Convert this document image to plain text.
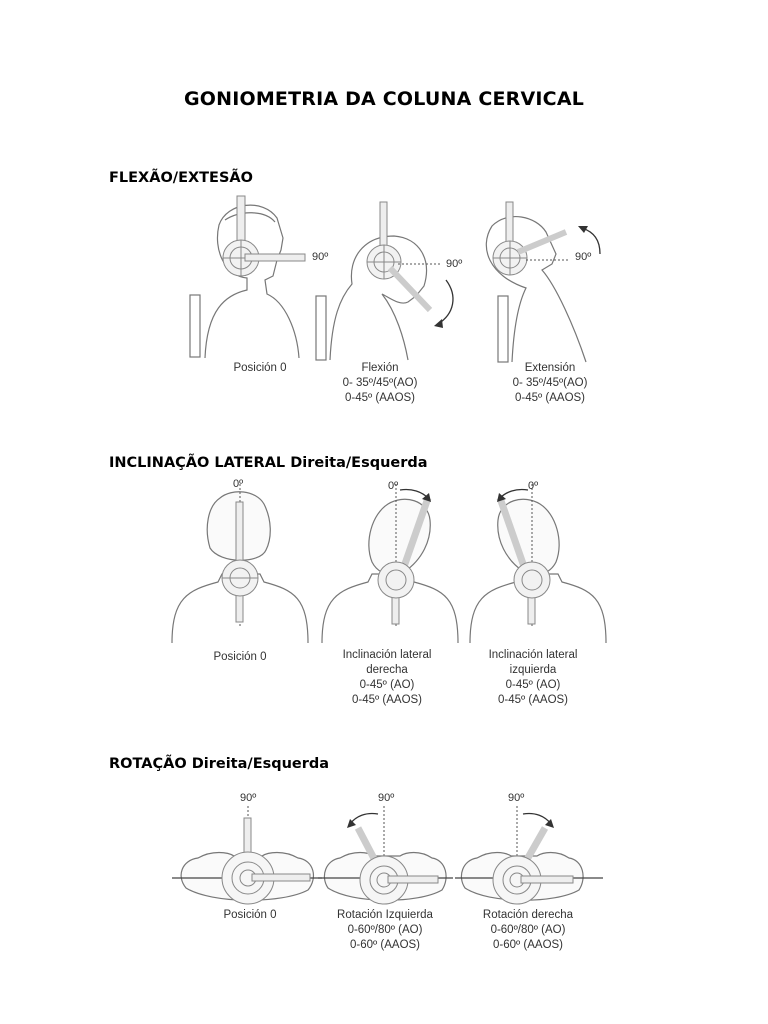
GONIOMETRIA DA COLUNA CERVICAL
FLEXÃO/EXTESÃO
90º
Posición 0
90º
Flexión
0- 35º/45º(AO)
0-45º (AAOS)
90º
Extensión
0- 35º/45º(AO)
0-45º (AAOS)
INCLINAÇÃO LATERAL Direita/Esquerda
0º
Posición 0
0º
Inclinación lateral
derecha
0-45º (AO)
0-45º (AAOS)
0º
Inclinación lateral
izquierda
0-45º (AO)
0-45º (AAOS)
ROTAÇÃO Direita/Esquerda
90º
Posición 0
90º
Rotación Izquierda
0-60º/80º (AO)
0-60º (AAOS)
90º
Rotación derecha
0-60º/80º (AO)
0-60º (AAOS)
